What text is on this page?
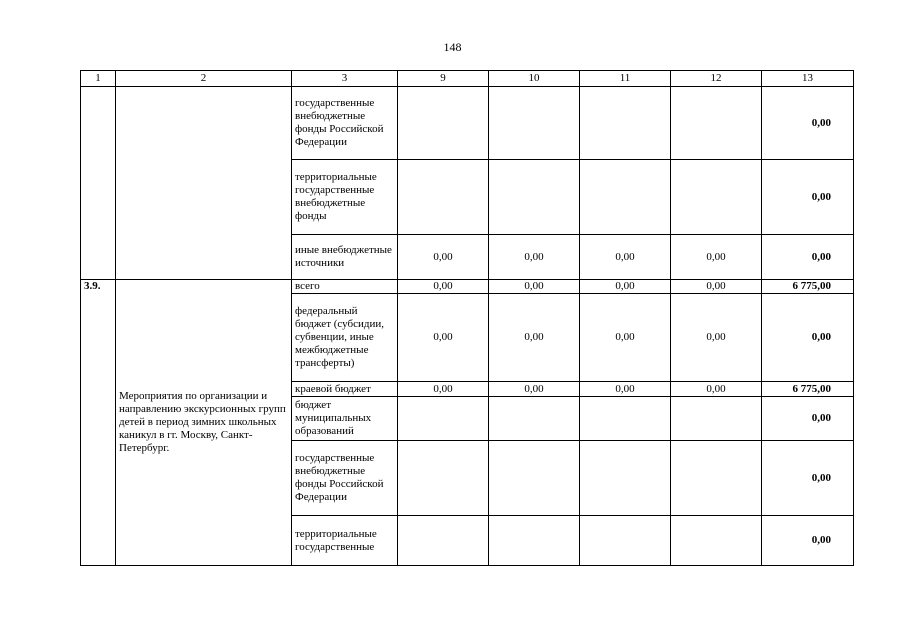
148
1	2	3	9	10	11	12	13
		государственные внебюджетные фонды Российской Федерации					0,00
		территориальные государственные внебюджетные фонды					0,00
		иные внебюджетные источники	0,00	0,00	0,00	0,00	0,00
3.9.	Мероприятия по организации и направлению экскурсионных групп детей в период зимних школьных каникул в гг. Москву, Санкт-Петербург.	всего	0,00	0,00	0,00	0,00	6 775,00
		федеральный бюджет (субсидии, субвенции, иные межбюджетные трансферты)	0,00	0,00	0,00	0,00	0,00
		краевой бюджет	0,00	0,00	0,00	0,00	6 775,00
		бюджет муниципальных образований					0,00
		государственные внебюджетные фонды Российской Федерации					0,00
		территориальные государственные					0,00
